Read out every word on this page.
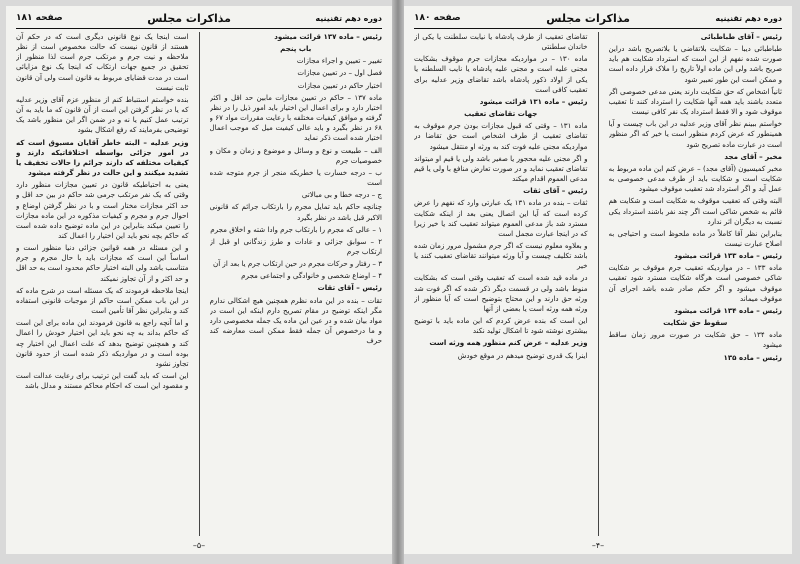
دوره دهم تقنینیه
مذاکرات مجلس
صفحه ۱۸۱

رئیس – ماده ۱۳۷ قرائت میشود

باب پنجم

تغییر – تعیین و اجراء مجازات

فصل اول – در تعیین مجازات

اختیار حاکم در تعیین مجازات

ماده ۱۳۷ – حاکم در تعیین مجازات مابین حد اقل و اکثر اختیار دارد و برای اعمال این اختیار باید امور ذیل را در نظر گرفته و موافق کیفیات مختلفه با رعایت مقررات مواد ۶۷ و ۶۸ در نظر بگیرد و باید عالی کیفیت میل که موجب اعمال اختیار شده است ذکر نماید

الف – طبیعت و نوع و وسائل و موضوع و زمان و مکان و خصوصیات جرم

ب – درجه خسارت یا خطریکه منجر از جرم متوجه شده است

ج – درجه خطا و بی مبالاتی

چنانچه حاکم باید تمایل مجرم را بارتکاب جرائم که قانونی الاکبر قبل باشد در نظر بگیرد

۱ – عالی که مجرم را بارتکاب جرم وادا شته و اخلاق مجرم

۲ – سوابق جزائی و عادات و طرز زندگانی او قبل از ارتکاب جرم

۳ – رفتار و حرکات مجرم در حین ارتکاب جرم یا بعد از آن

۴ – اوضاع شخصی و خانوادگی و اجتماعی مجرم

رئیس – آقای تقات

تقات – بنده در این ماده نظرم همچنین هیچ اشکالی ندارم مگر اینکه توضیح در مقام تصریح دارم اینکه این است در مواد بیان شده و در عین این ماده یک جمله مخصوصی دارد و ما درخصوص آن جمله فقط ممکن است معارضه کند حرف

است اینجا یک نوع قانونی دیگری است که در حکم آن هستند از قانون نیست که حالت مخصوص است از نظر ملاحظه و نیت جرم و مرتکب جرم است لذا منظور از تحقیق در جمیع جهات ارتکاب که اینجا یک نوع مزایائی است در مدت قضایای مربوط به قانون است ولی آن قانون ثابت نیست

بنده خواستم استنباط کنم از منظور عزم آقای وزیر عدلیه که یا در نظر گرفتن این است از آن قانون که ما باید به آن ترتیب عمل کنیم یا نه و در ضمن اگر این منظور باشد یک توضیحی بفرمایند که رفع اشکال بشود

وزیر عدلیه – البته خاطر آقایان مسبوق است که در امور جزائی بواسطه اختلافاتیکه دارند و کیفیات مختلفه که دارند جرائم را حالات تخفیف یا تشدید میکنند و این حالت در نظر گرفته میشود

یعنی به احتیاطیکه قانون در تعیین مجازات منظور دارد وقتی که یک نفر مرتکب جرمی شد حاکم در بین حد اقل و حد اکثر مجازات مختار است و با در نظر گرفتن اوضاع و احوال جرم و مجرم و کیفیات مذکوره در این ماده مجازات را تعیین میکند بنابراین در این ماده توضیح داده شده است که حاکم بچه نحو باید این اختیار را اعمال کند

و این مسئله در همه قوانین جزائی دنیا منظور است و اساساً این است که مجازات باید با حال مجرم و جرم متناسب باشد ولی البته اختیار حاکم محدود است به حد اقل و حد اکثر و از آن تجاوز نمیکند

اینجا ملاحظه فرمودند که یک مسئله است در شرح ماده که در این باب ممکن است حاکم از موجبات قانونی استفاده کند و بنابراین نظر آقا تأمین است

و اما آنچه راجع به قانون فرمودند این ماده برای این است که حاکم بداند به چه نحو باید این اختیار خودش را اعمال کند و همچنین توضیح بدهد که علت اعمال این اختیار چه بوده است و در مواردیکه ذکر شده است از حدود قانون تجاوز نشود

این است که باید گفت این ترتیب برای رعایت عدالت است و مقصود این است که احکام محاکم مستند و مدلل باشد

–۵–
دوره دهم تقنینیه
مذاکرات مجلس
صفحه ۱۸۰

رئیس – آقای طباطبائی

طباطبائی دیبا – شکایت بلاتقاضی یا بلاتصریح باشد دراین صورت شده نفهم از این است که استرداد شکایت هم باید صریح باشد ولی این ماده اولاً تاریخ را ملاک قرار داده است و ممکن است این طور تعبیر شود

ثانیاً اشخاص که حق شکایت دارند یعنی مدعی خصوصی اگر متعدد باشند باید همه آنها شکایت را استرداد کنند تا تعقیب موقوف شود و الا فقط استرداد یک نفر کافی نیست

خواستم ببینم نظر آقای وزیر عدلیه در این باب چیست و آیا همینطور که عرض کردم منظور است یا خیر که اگر منظور است در عبارت ماده تصریح شود

مخبر – آقای مجد

مخبر کمیسیون (آقای مجد) – عرض کنم این ماده مربوط به شکایت است و شکایت باید از طرف مدعی خصوصی به عمل آید و اگر استرداد شد تعقیب موقوف میشود

البته وقتی که تعقیب موقوف به شکایت است و شکایت هم قائم به شخص شاکی است اگر چند نفر باشند استرداد یکی نسبت به دیگران اثر ندارد

بنابراین نظر آقا کاملاً در ماده ملحوظ است و احتیاجی به اصلاح عبارت نیست

رئیس – ماده ۱۳۳ قرائت میشود

ماده ۱۳۳ – در مواردیکه تعقیب جرم موقوف بر شکایت شاکی خصوصی است هرگاه شکایت مسترد شود تعقیب موقوف میشود و اگر حکم صادر شده باشد اجرای آن موقوف میماند

رئیس – ماده ۱۳۴ قرائت میشود

سقوط حق شکایت

ماده ۱۳۴ – حق شکایت در صورت مرور زمان ساقط میشود

رئیس – ماده ۱۳۵

تقاضای تعقیب از طرف پادشاه یا نیابت سلطنت یا یکی از خاندان سلطنتی

ماده ۱۳۰ – در مواردیکه مجازات جرم موقوف بشکایت مجنی علیه است و مجنی علیه پادشاه یا نایب السلطنه یا یکی از اولاد ذکور پادشاه باشد تقاضای وزیر عدلیه برای تعقیب کافی است

رئیس – ماده ۱۳۱ قرائت میشود

جهات تقاضای تعقیب

ماده ۱۳۱ – وقتی که قبول مجازات بودن جرم موقوف به تقاضای تعقیب از طرف اشخاص است حق تقاضا در مواردیکه مجنی علیه فوت کند به ورثه او منتقل میشود

و اگر مجنی علیه محجور یا صغیر باشد ولی یا قیم او میتواند تقاضای تعقیب نماید و در صورت تعارض منافع با ولی یا قیم مدعی العموم اقدام میکند

رئیس – آقای ثقات

ثقات – بنده در ماده ۱۳۱ یک عبارتی وارد که نفهم را عرض کرده است که آیا این اتصال یعنی بعد از اینکه شکایت مسترد شد باز مدعی العموم میتواند تعقیب کند یا خیر زیرا که در اینجا عبارت مجمل است

و بعلاوه معلوم نیست که اگر جرم مشمول مرور زمان شده باشد تکلیف چیست و آیا ورثه میتوانند تقاضای تعقیب کنند یا خیر

در ماده قید شده است که تعقیب وقتی است که بشکایت منوط باشد ولی در قسمت دیگر ذکر شده که اگر فوت شد ورثه حق دارند و این محتاج بتوضیح است که آیا منظور از ورثه همه ورثه است یا بعضی از آنها

این است که بنده عرض کردم که این ماده باید با توضیح بیشتری نوشته شود تا اشکال تولید نکند

وزیر عدلیه – عرض کنم منظور همه ورثه است

اینرا یک قدری توضیح میدهم در موقع خودش

–۴–
